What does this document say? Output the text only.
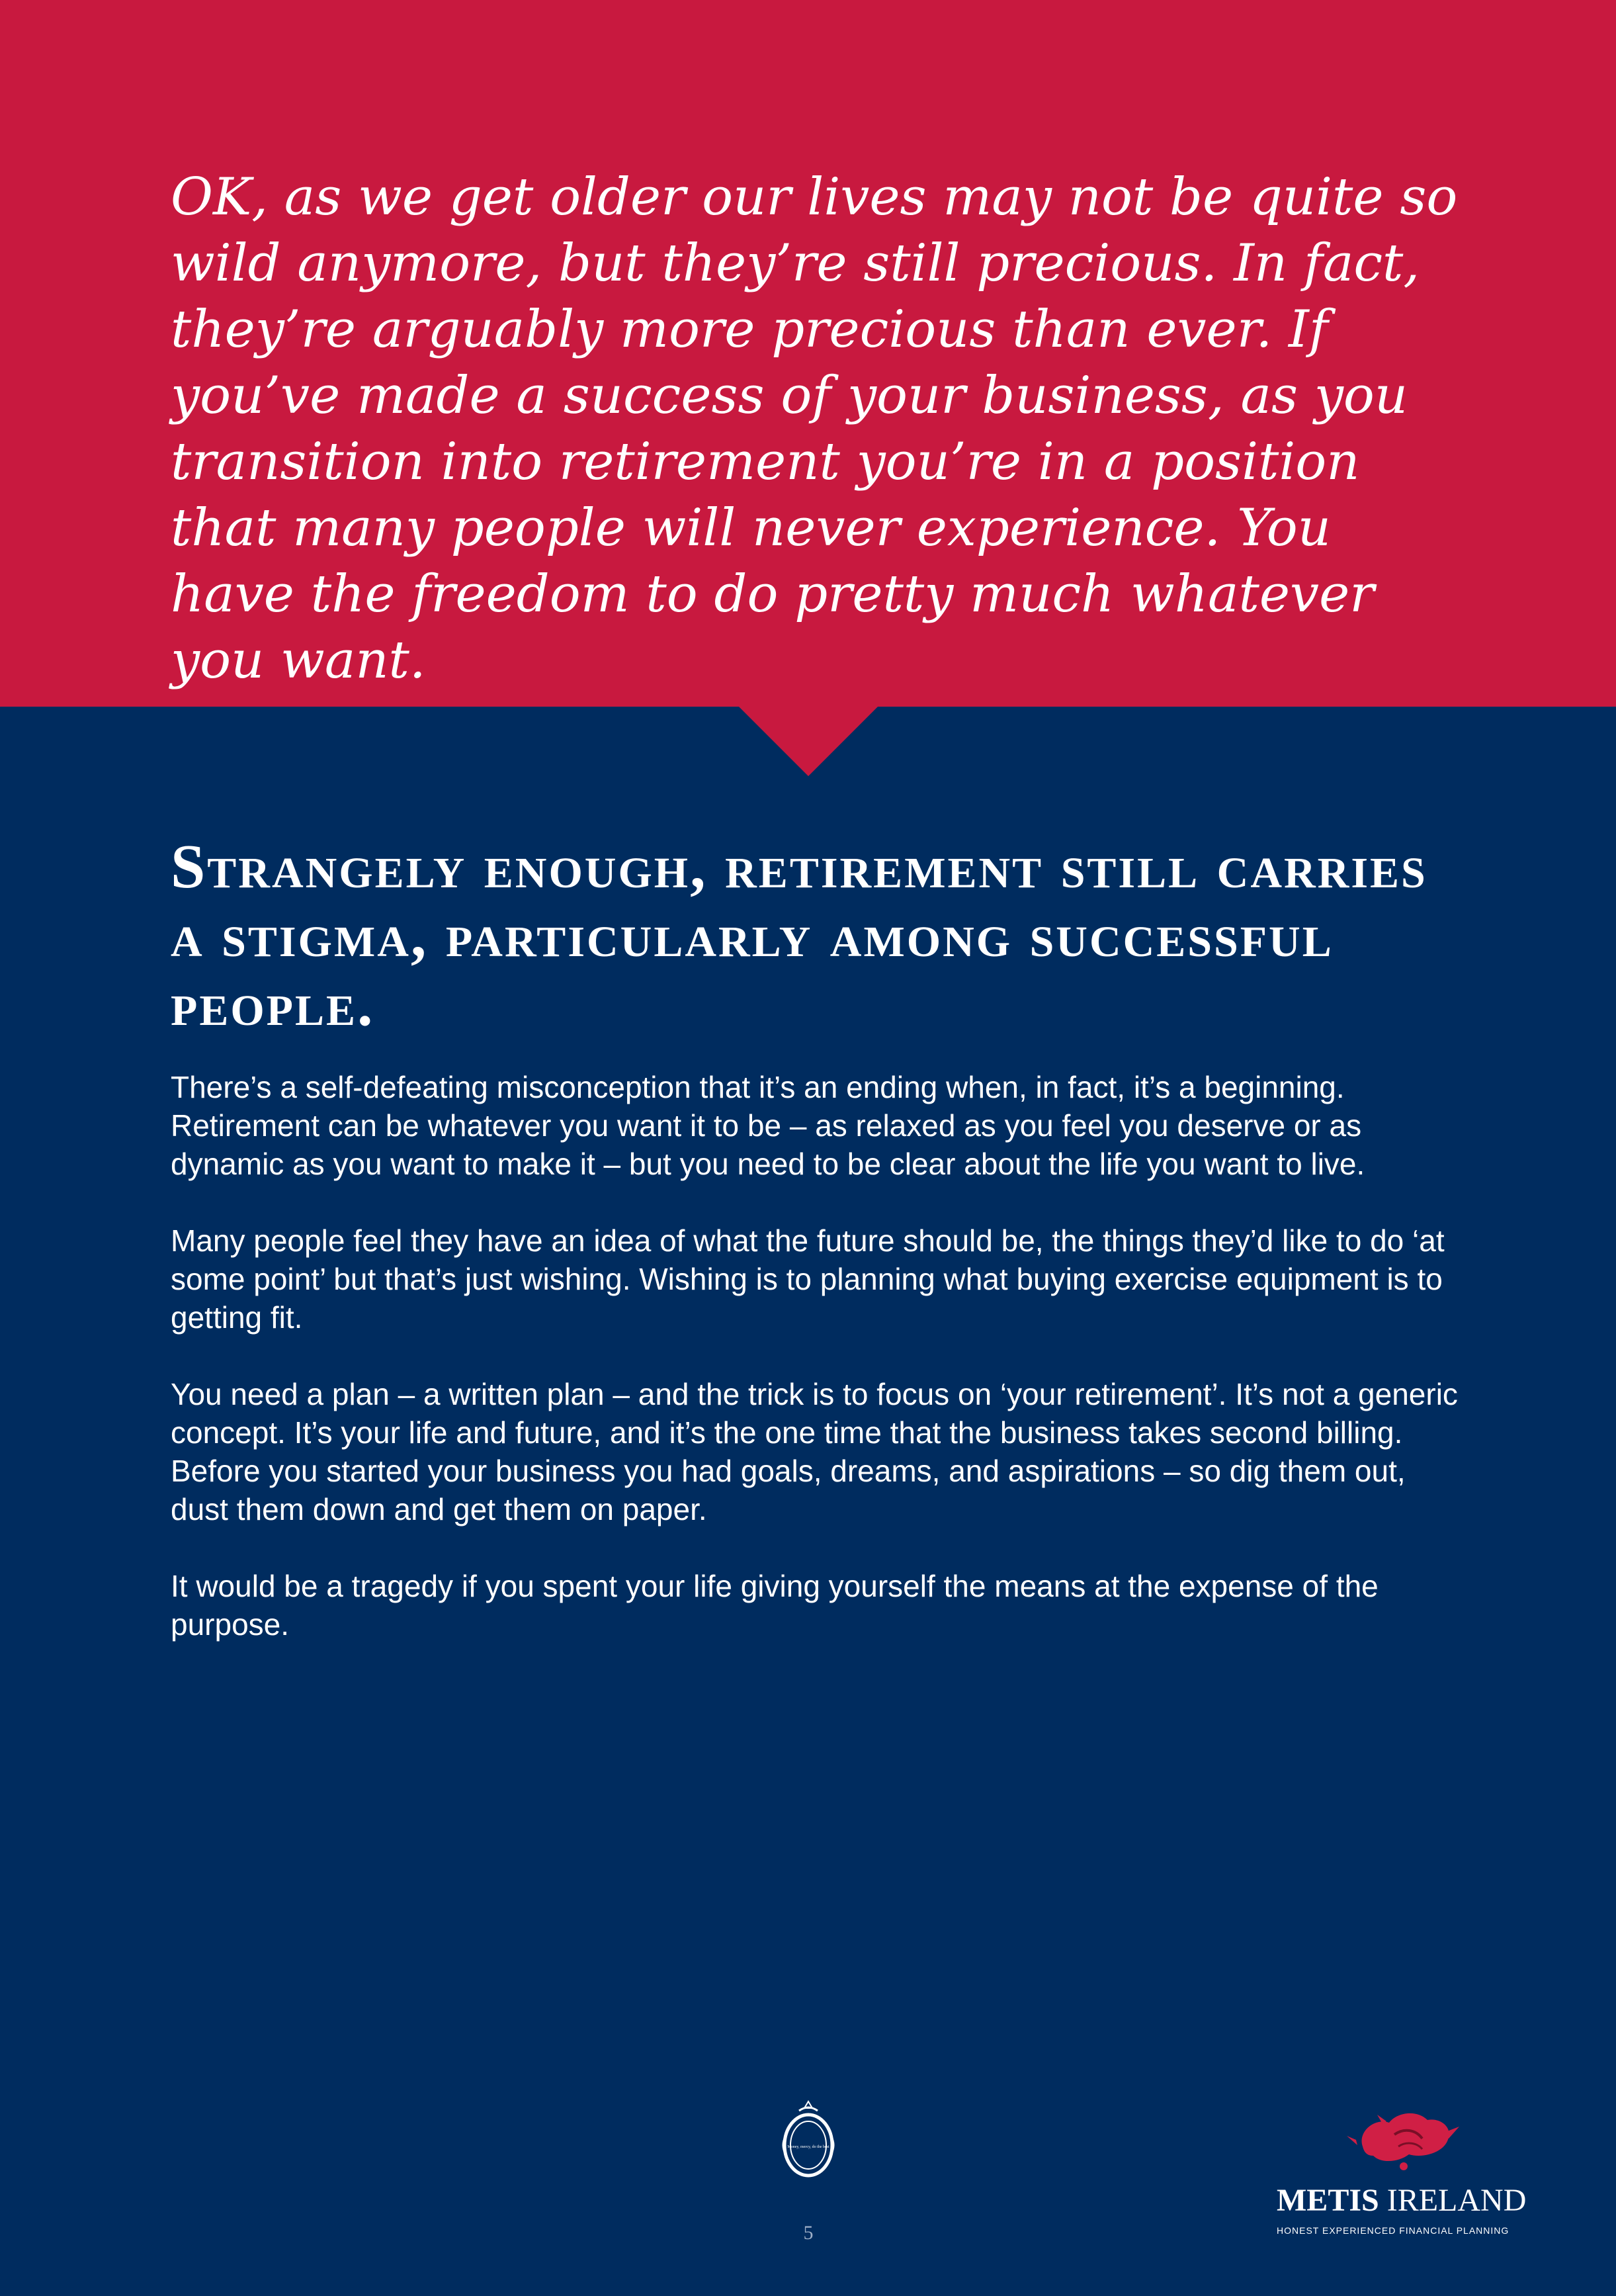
OK, as we get older our lives may not be quite so wild anymore, but they’re still precious. In fact, they’re arguably more precious than ever. If you’ve made a success of your business, as you transition into retirement you’re in a position that many people will never experience. You have the freedom to do pretty much whatever you want.

Strangely enough, retirement still carries a stigma, particularly among successful people.

There’s a self-defeating misconception that it’s an ending when, in fact, it’s a beginning. Retirement can be whatever you want it to be – as relaxed as you feel you deserve or as dynamic as you want to make it – but you need to be clear about the life you want to live.

Many people feel they have an idea of what the future should be, the things they’d like to do ‘at some point’ but that’s just wishing. Wishing is to planning what buying exercise equipment is to getting fit.

You need a plan – a written plan – and the trick is to focus on ‘your retirement’. It’s not a generic concept. It’s your life and future, and it’s the one time that the business takes second billing. Before you started your business you had goals, dreams, and aspirations – so dig them out, dust them down and get them on paper.

It would be a tragedy if you spent your life giving yourself the means at the expense of the purpose.

Money, mercy, do the best
5
METIS IRELAND
HONEST EXPERIENCED FINANCIAL PLANNING
